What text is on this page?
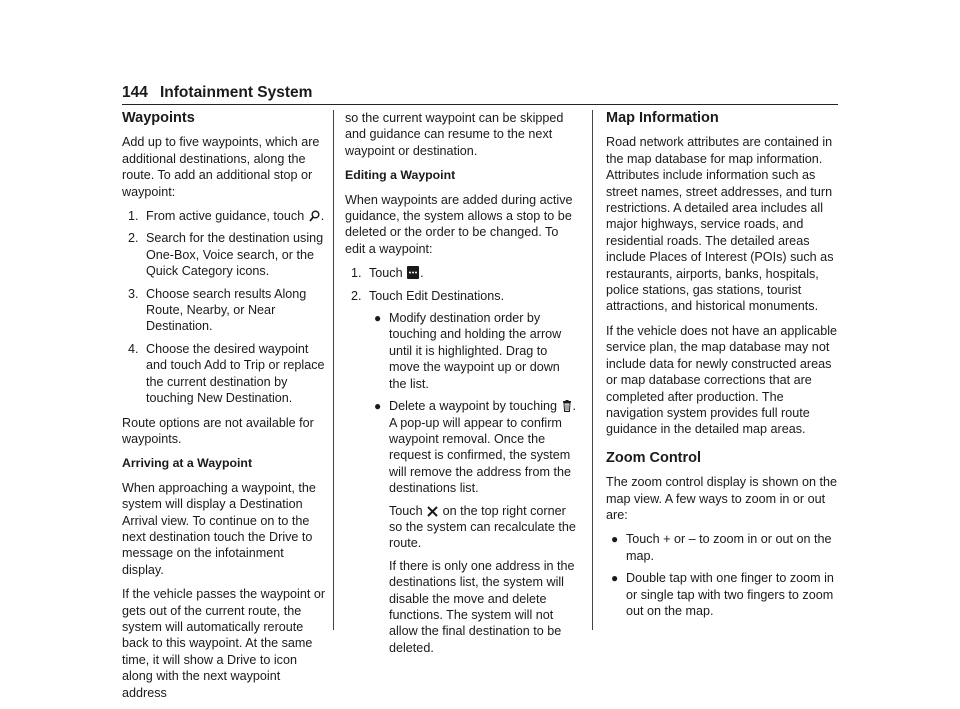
144 Infotainment System
Waypoints

Add up to five waypoints, which are additional destinations, along the route. To add an additional stop or waypoint:

1. From active guidance, touch .
2. Search for the destination using One-Box, Voice search, or the Quick Category icons.
3. Choose search results Along Route, Nearby, or Near Destination.
4. Choose the desired waypoint and touch Add to Trip or replace the current destination by touching New Destination.

Route options are not available for waypoints.

Arriving at a Waypoint

When approaching a waypoint, the system will display a Destination Arrival view. To continue on to the next destination touch the Drive to message on the infotainment display.

If the vehicle passes the waypoint or gets out of the current route, the system will automatically reroute back to this waypoint. At the same time, it will show a Drive to icon along with the next waypoint address

so the current waypoint can be skipped and guidance can resume to the next waypoint or destination.

Editing a Waypoint

When waypoints are added during active guidance, the system allows a stop to be deleted or the order to be changed. To edit a waypoint:

1. Touch .
2. Touch Edit Destinations.
● Modify destination order by touching and holding the arrow until it is highlighted. Drag to move the waypoint up or down the list.
● Delete a waypoint by touching . A pop-up will appear to confirm waypoint removal. Once the request is confirmed, the system will remove the address from the destinations list.
Touch on the top right corner so the system can recalculate the route.
If there is only one address in the destinations list, the system will disable the move and delete functions. The system will not allow the final destination to be deleted.
Map Information

Road network attributes are contained in the map database for map information. Attributes include information such as street names, street addresses, and turn restrictions. A detailed area includes all major highways, service roads, and residential roads. The detailed areas include Places of Interest (POIs) such as restaurants, airports, banks, hospitals, police stations, gas stations, tourist attractions, and historical monuments.

If the vehicle does not have an applicable service plan, the map database may not include data for newly constructed areas or map database corrections that are completed after production. The navigation system provides full route guidance in the detailed map areas.

Zoom Control

The zoom control display is shown on the map view. A few ways to zoom in or out are:

● Touch + or – to zoom in or out on the map.
● Double tap with one finger to zoom in or single tap with two fingers to zoom out on the map.
